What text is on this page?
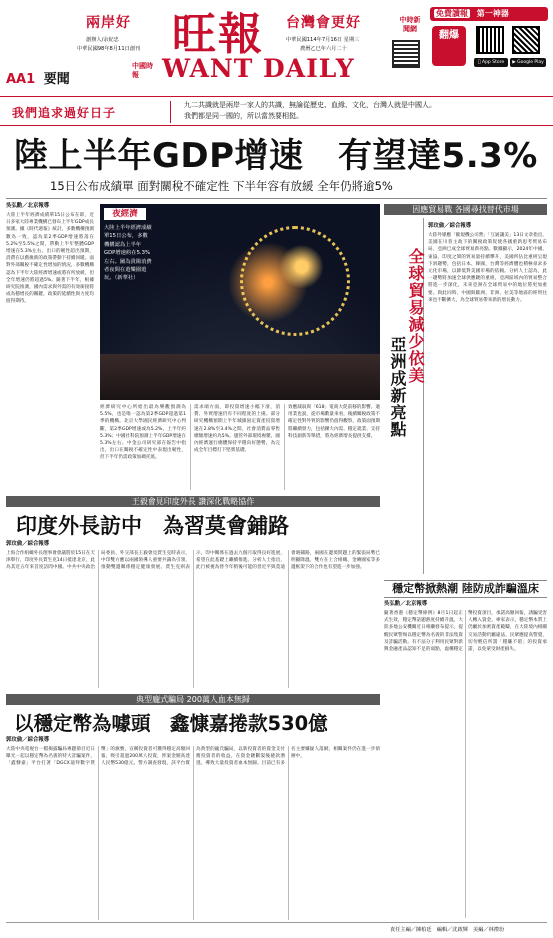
兩岸好
創辦人/余紀忠
中華民國98年8月11日創刊 旺報 台灣會更好
中華民國114年7月16日 星期三
農曆乙巳年六月二十
中時新聞網
免費讀報 第一神器
翻爆
App Store	▶ Google Play
AA1 要聞
中國時報 WANT DAILY
我們追求過好日子
九二共識就是兩岸一家人的共識，無論從歷史、血緣、文化，台灣人就是中國人。
我們都是同一國的，所以當然要相挺。
陸上半年GDP增速　有望達5.3%
15日公布成績單 面對關稅不確定性 下半年容有放緩 全年仍將逾5%
吳弘勳／北京報導
大陸上半年經濟成績單15日公布在即，近日多家大陸專業機構已發布上半年GDP成長預測。據《時代週報》統計，多數機構預測數為一致，認為第2季GDP增速將落在5.2%至5.5%之間，帶動上半年整體GDP增速在5.3%左右。出口的韌性超出預期，消費在以舊換新的政策帶動下持續回暖。面對外部關稅不確定性增加的情況，多數機構認為下半年大陸經濟增速或將有所放緩，但全年增速仍將超過5%。隨著下半年，根據研究院推測，國內需求與外需的有效銜接將成為穩增長的關鍵，政策的延續性與力度均值得期待。
夜經濟
大陸上半年經濟成績單15日公布，多數機構認為上半年GDP增速約在5.3%左右。圖為貴陽消費者夜間在遊樂園遊玩。（新華社）
經濟研究中心所給出最為樂觀預測為5.5%，也是唯一認為第2季GDP超過第1季的機構。北京大學國民經濟研究中心判斷，第2季GDP增速或為5.2%，上半年約5.3%；中國社科院預測上半年GDP增速在5.3%左右。中金公司研究部在報告中指出，出口在關稅不確定性中表現出韌性，但下半年仍需政策加碼托底。
需求端方面，即投資增速小幅下滑，消費、外貿增速仍有不同程度的上揚。部分研究機構預期上半年城鎮固定資產投資增速在2.8%至3.4%之間，社會消費品零售總額增速約為5%。儘管外部環境複雜，國內經濟運行總體保持平穩向好態勢，為完成全年目標打下堅實基礎。
效應減弱與「618」電商大促前移的影響。適用業也說，從市場數量來看，後續關稅政策不確定性對外貿的影響仍值得觀察，政策面預期將繼續發力，包括擴大內需、穩定就業、支持科技創新等舉措，將為經濟增長提供支撐。
因應貿易戰 各國尋找替代市場
全球貿易減少依美
亞洲成新亮點
郭玟倫／綜合報導
大陸外媒應「歐規機公司營」「互通讓美」13日文章指出，美國在川普主政下的關稅政策促使各國重新思考貿易布局，亞洲已成全球貿易新亮點。數據顯示，2024年中國、東協、印度之間的貿易量持續攀升，美國所佔比重則呈現下滑趨勢，包括日本、韓國、台灣等經濟體也積極尋求多元化市場，以降低對美國市場的依賴。分析人士認為，此一趨勢將加速全球供應鏈的重組，亞洲區域內的貿易整合將進一步深化，未來亞洲在全球貿易中的地位將更加重要。與此同時，中國與歐洲、非洲、拉美等地區的經貿往來也不斷擴大，為全球貿易帶來新的增長動力。
王毅會見印度外長 讚深化戰略協作
印度外長訪中　為習莫會鋪路
郭玟倫／綜合報導
上海合作組織外長理事會會議將於15日在天津舉行，印度外長賈生克14日抵達北京，此為其近五年來首度訪問中國。中共中央政治局委員、外交部長王毅會見賈生克時表示，中印雙方應以兩國領導人重要共識為引領，推動雙邊關係穩定健康發展。賈生克則表示，印中關係在過去九個月取得良好進展，希望在此基礎上繼續推進。分析人士指出，此行被視為替今年稍後可能的習近平與莫迪會晤鋪路，兩國在邊境問題上的緊張局勢已明顯降溫，雙方在上合組織、金磚國家等多邊框架下的合作也有望進一步加強。
穩定幣掀熱潮 陸防成詐騙溫床
吳弘勳／北京報導
隨著香港《穩定幣條例》8月1日起正式生效，穩定幣話題熱度持續升溫，大陸多地公安機關近日相繼發布提示，提醒民眾警惕以穩定幣為名義的非法集資及詐騙活動。有不法分子利用民眾對新興金融產品認知不足的弱點，虛構穩定幣投資項目，承諾高額回報，誘騙受害人轉入資金。專家表示，穩定幣本質上仍屬於加密資產範疇，在大陸境內相關交易活動仍屬違法，民眾應提高警覺，切勿輕信所謂「穩賺不賠」的投資承諾，以免蒙受財產損失。
典型龐式騙局 200萬人血本無歸
以穩定幣為噱頭　鑫慷嘉捲款530億
郭玟倫／綜合報導
大陸中央電視台一檔揭露騙局專題節目近日曝光一起以穩定幣為名義的特大詐騙案件，「鑫慷嘉」平台打著「DGCX迪拜數字貨幣」的旗號，宣稱投資者可獲得穩定高額回報，吸引超過200萬人投資，涉案金額高達人民幣530億元。警方調查發現，該平台實為典型的龐氏騙局，以新投資者的資金支付舊投資者的收益，在資金鏈斷裂後捲款潛逃，導致大量投資者血本無歸。目前已有多名主要嫌疑人落網，相關案件仍在進一步偵辦中。
責任主編／陳柏廷　編輯／沈啟輝　美編／林禮玢
